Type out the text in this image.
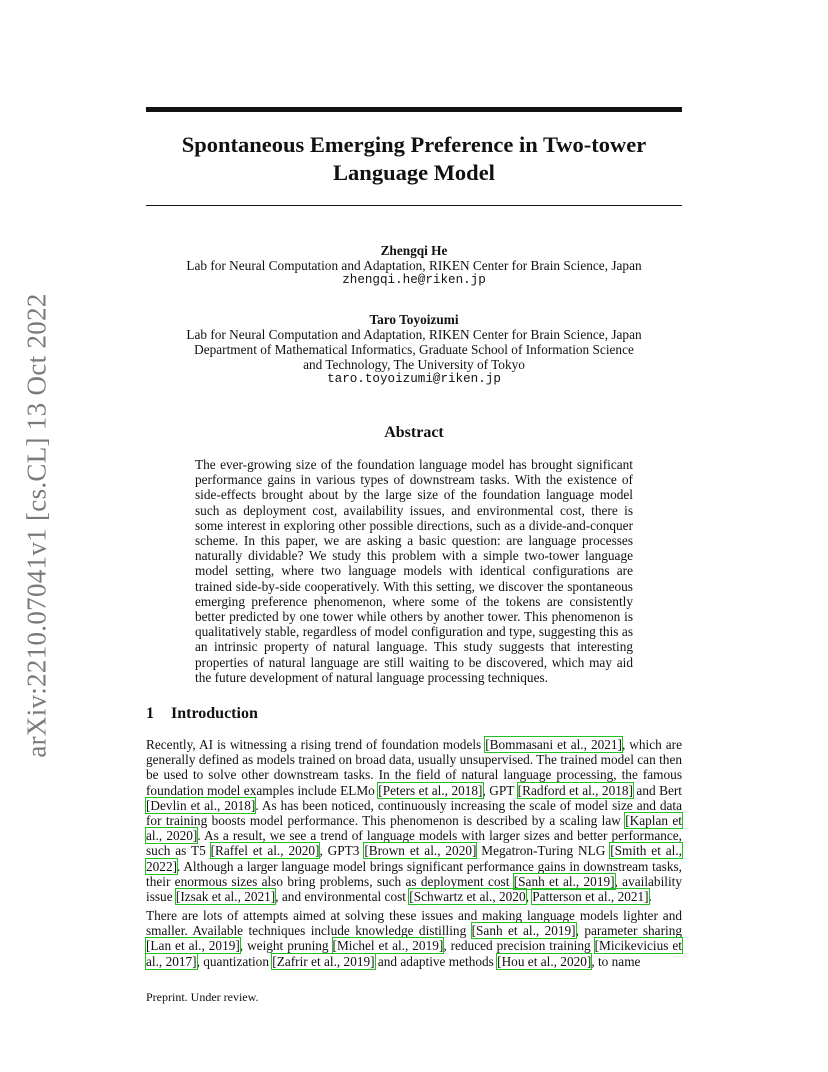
arXiv:2210.07041v1 [cs.CL] 13 Oct 2022
Spontaneous Emerging Preference in Two-tower Language Model
Zhengqi He
Lab for Neural Computation and Adaptation, RIKEN Center for Brain Science, Japan
zhengqi.he@riken.jp
Taro Toyoizumi
Lab for Neural Computation and Adaptation, RIKEN Center for Brain Science, Japan
Department of Mathematical Informatics, Graduate School of Information Science
and Technology, The University of Tokyo
taro.toyoizumi@riken.jp
Abstract

The ever-growing size of the foundation language model has brought significant performance gains in various types of downstream tasks. With the existence of side-effects brought about by the large size of the foundation language model such as deployment cost, availability issues, and environmental cost, there is some interest in exploring other possible directions, such as a divide-and-conquer scheme. In this paper, we are asking a basic question: are language processes naturally dividable? We study this problem with a simple two-tower language model setting, where two language models with identical configurations are trained side-by-side cooperatively. With this setting, we discover the spontaneous emerging preference phenomenon, where some of the tokens are consistently better predicted by one tower while others by another tower. This phenomenon is qualitatively stable, regardless of model configuration and type, suggesting this as an intrinsic property of natural language. This study suggests that interesting properties of natural language are still waiting to be discovered, which may aid the future development of natural language processing techniques.

1 Introduction

Recently, AI is witnessing a rising trend of foundation models [Bommasani et al., 2021], which are generally defined as models trained on broad data, usually unsupervised. The trained model can then be used to solve other downstream tasks. In the field of natural language processing, the famous foundation model examples include ELMo [Peters et al., 2018], GPT [Radford et al., 2018] and Bert [Devlin et al., 2018]. As has been noticed, continuously increasing the scale of model size and data for training boosts model performance. This phenomenon is described by a scaling law [Kaplan et al., 2020]. As a result, we see a trend of language models with larger sizes and better performance, such as T5 [Raffel et al., 2020], GPT3 [Brown et al., 2020] Megatron-Turing NLG [Smith et al., 2022]. Although a larger language model brings significant performance gains in downstream tasks, their enormous sizes also bring problems, such as deployment cost [Sanh et al., 2019], availability issue [Izsak et al., 2021], and environmental cost [Schwartz et al., 2020, Patterson et al., 2021].

There are lots of attempts aimed at solving these issues and making language models lighter and smaller. Available techniques include knowledge distilling [Sanh et al., 2019], parameter sharing [Lan et al., 2019], weight pruning [Michel et al., 2019], reduced precision training [Micikevicius et al., 2017], quantization [Zafrir et al., 2019] and adaptive methods [Hou et al., 2020], to name

Preprint. Under review.
